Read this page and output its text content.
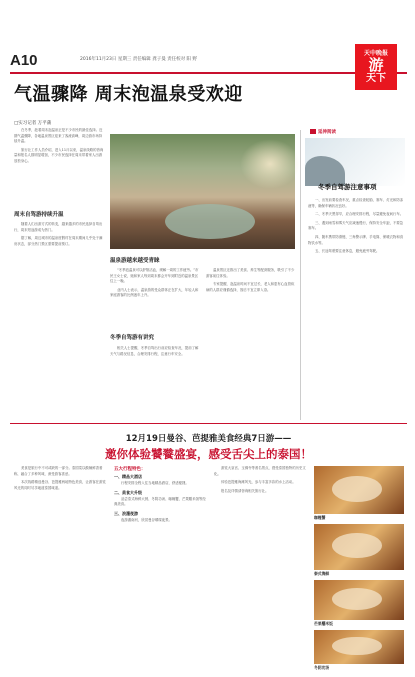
A10	2016年11月23日 星期三 责任编辑 龚子曼 责任校对 阳 野
天中晚报
游
天下
气温骤降 周末泡温泉受欢迎
□实习记者 万平蒲

在冬季，趁着周末泡温泉正是不少市民的最佳选择。近期气温骤降，各地温泉景区迎来了客流高峰，周边游市场持续升温。

旅行社工作人员介绍，进入11月以来，温泉线路的咨询量和报名人数明显增加，不少市民选择在周末带着家人出游放松身心。

周末自驾游持续升温

随着人们出游方式的转变，越来越多的市民选择自驾出行，周末短途游成为热门。

据了解，周边城市的温泉度假村在周末期间几乎处于满房状态，部分热门景区需要提前预订。

温泉游越来越受青睐

“冬季泡温泉可以舒筋活血，缓解一周的工作疲劳。”市民王女士说，她和家人每到周末都会开车到附近的温泉景区住上一晚。

业内人士表示，温泉游的受众群体正在扩大，年轻人和家庭游客的比例逐年上升。

冬季自驾游有讲究

相关人士提醒，冬季自驾出行前应检查车况，提前了解天气与路况信息，合理安排行程，注意行车安全。

温泉景区还推出了美食、养生等配套服务，吸引了不少游客前往体验。

专家提醒，泡温泉时间不宜过长，老人和患有心血管疾病的人群应谨慎选择，饭后不宜立即入浴。

延伸阅读
冬季自驾游注意事项

一、出发前要检查车况，重点检查轮胎、刹车、灯光和防冻液等，确保车辆状况良好。

二、冬季天黑得早，应合理安排行程，尽量避免夜间行车。

三、遇到雨雪和雾天气应减速慢行，保持安全车距，不要急刹车。

四、随车携带防滑链、三角警示牌、手电筒、保暖衣物和食物饮水等。

五、长途驾驶要注意休息，避免疲劳驾驶。

12月19日曼谷、芭提雅美食经典7日游——
邀你体验饕餮盛宴，感受舌尖上的泰国！

美食是旅行中不可或缺的一部分。泰国菜以酸辣鲜香著称，融合了多种风味，深受游客喜爱。

本次线路精选曼谷、芭提雅两地特色美食，让游客在游览风光的同时尽享地道泰国味道。

五大行程特色：
一、精品大酒店

行程安排全程入住当地精品酒店，舒适便捷。

二、美食大升级

品尝泰式海鲜大餐、冬阴功汤、咖喱蟹、芒果糯米饭等经典美食。

三、浪漫夜游

夜游湄南河，欣赏曼谷璀璨夜景。

游览大皇宫、玉佛寺等著名景点，感受泰国独特的历史文化。

体验芭提雅海滩风光，参与丰富多彩的水上活动。

报名及详情请咨询相关旅行社。

咖喱蟹
泰式海鲜
芒果糯米饭
冬阴功汤
